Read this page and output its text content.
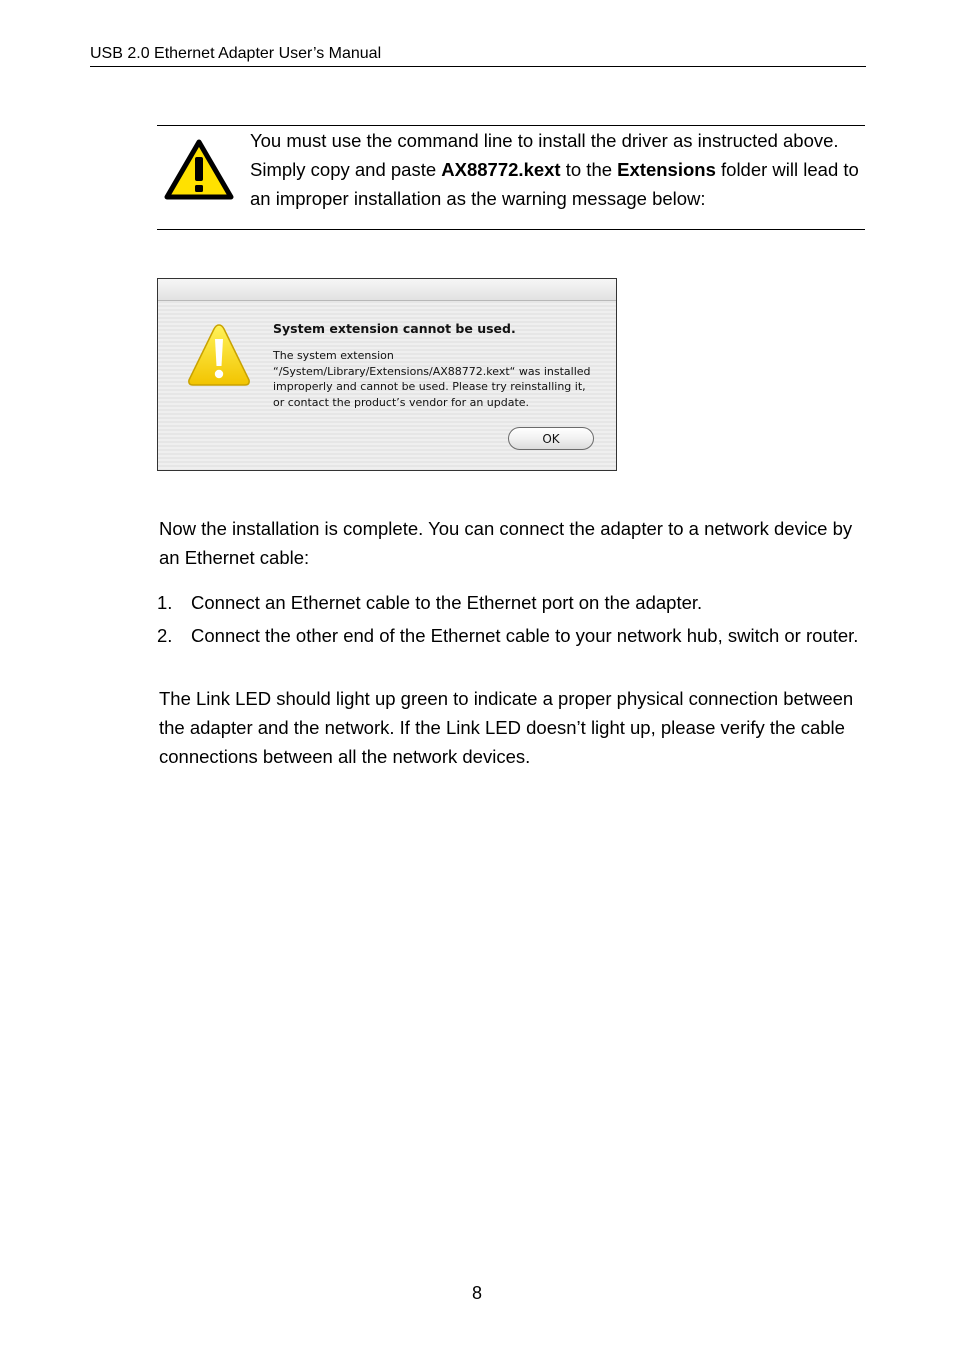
USB 2.0 Ethernet Adapter User’s Manual
You must use the command line to install the driver as instructed above.
Simply copy and paste AX88772.kext to the Extensions folder will lead to an improper installation as the warning message below:
System extension cannot be used.
The system extension “/System/Library/Extensions/AX88772.kext“ was installed improperly and cannot be used. Please try reinstalling it, or contact the product’s vendor for an update.
OK
Now the installation is complete. You can connect the adapter to a network device by an Ethernet cable:
1. Connect an Ethernet cable to the Ethernet port on the adapter.
2. Connect the other end of the Ethernet cable to your network hub, switch or router.
The Link LED should light up green to indicate a proper physical connection between the adapter and the network. If the Link LED doesn’t light up, please verify the cable connections between all the network devices.
8
